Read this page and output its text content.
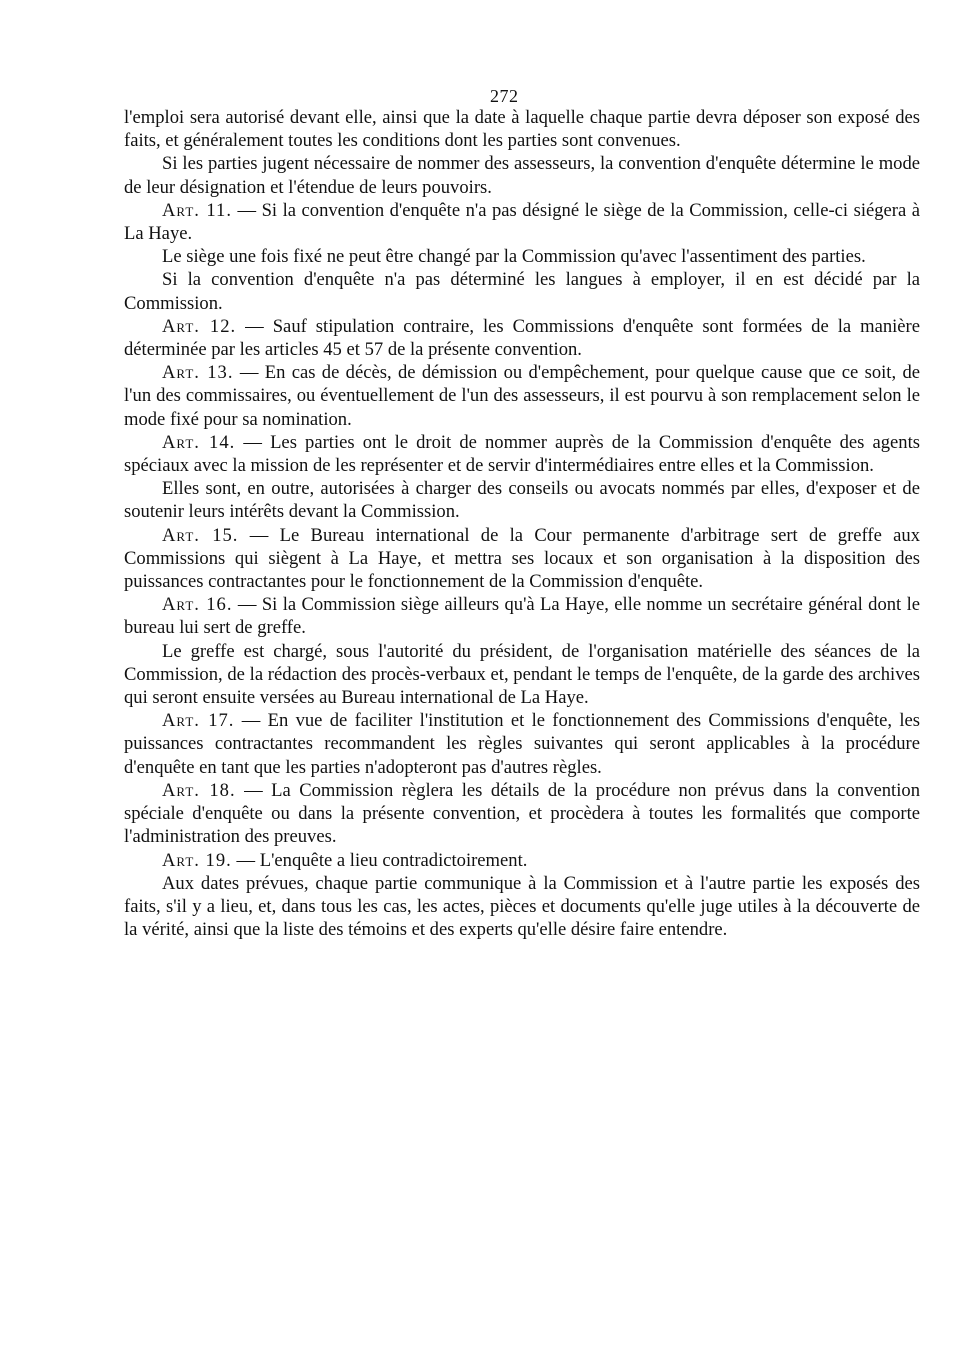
272

l'emploi sera autorisé devant elle, ainsi que la date à laquelle chaque partie devra déposer son exposé des faits, et généralement toutes les conditions dont les parties sont convenues.

Si les parties jugent nécessaire de nommer des assesseurs, la convention d'enquête détermine le mode de leur désignation et l'étendue de leurs pouvoirs.

Art. 11. — Si la convention d'enquête n'a pas désigné le siège de la Commission, celle-ci siégera à La Haye.

Le siège une fois fixé ne peut être changé par la Commission qu'avec l'assentiment des parties.

Si la convention d'enquête n'a pas déterminé les langues à employer, il en est décidé par la Commission.

Art. 12. — Sauf stipulation contraire, les Commissions d'enquête sont formées de la manière déterminée par les articles 45 et 57 de la présente convention.

Art. 13. — En cas de décès, de démission ou d'empêchement, pour quelque cause que ce soit, de l'un des commissaires, ou éventuellement de l'un des assesseurs, il est pourvu à son remplacement selon le mode fixé pour sa nomination.

Art. 14. — Les parties ont le droit de nommer auprès de la Commission d'enquête des agents spéciaux avec la mission de les représenter et de servir d'intermédiaires entre elles et la Commission.

Elles sont, en outre, autorisées à charger des conseils ou avocats nommés par elles, d'exposer et de soutenir leurs intérêts devant la Commission.

Art. 15. — Le Bureau international de la Cour permanente d'arbitrage sert de greffe aux Commissions qui siègent à La Haye, et mettra ses locaux et son organisation à la disposition des puissances contractantes pour le fonctionnement de la Commission d'enquête.

Art. 16. — Si la Commission siège ailleurs qu'à La Haye, elle nomme un secrétaire général dont le bureau lui sert de greffe.

Le greffe est chargé, sous l'autorité du président, de l'organisation matérielle des séances de la Commission, de la rédaction des procès-verbaux et, pendant le temps de l'enquête, de la garde des archives qui seront ensuite versées au Bureau international de La Haye.

Art. 17. — En vue de faciliter l'institution et le fonctionnement des Commissions d'enquête, les puissances contractantes recommandent les règles suivantes qui seront applicables à la procédure d'enquête en tant que les parties n'adopteront pas d'autres règles.

Art. 18. — La Commission règlera les détails de la procédure non prévus dans la convention spéciale d'enquête ou dans la présente convention, et procèdera à toutes les formalités que comporte l'administration des preuves.

Art. 19. — L'enquête a lieu contradictoirement.

Aux dates prévues, chaque partie communique à la Commission et à l'autre partie les exposés des faits, s'il y a lieu, et, dans tous les cas, les actes, pièces et documents qu'elle juge utiles à la découverte de la vérité, ainsi que la liste des témoins et des experts qu'elle désire faire entendre.
